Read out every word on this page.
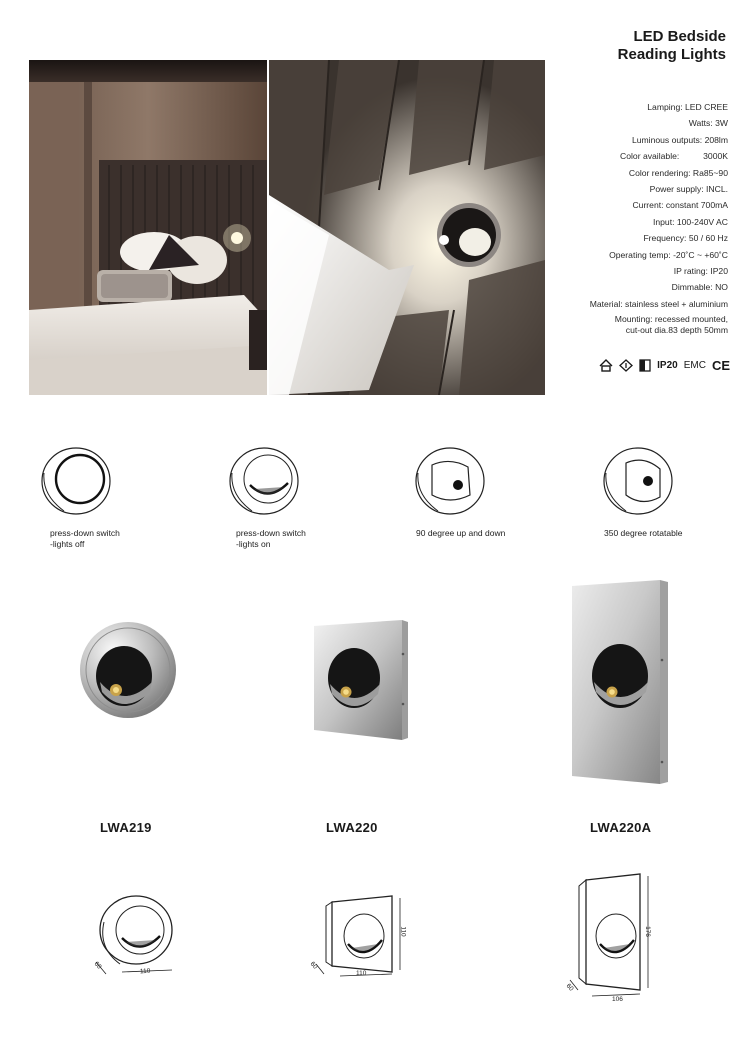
LED Bedside
Reading Lights
Lamping: LED CREE
Watts: 3W
Luminous outputs: 208lm
Color available:          3000K
Color rendering: Ra85~90
Power supply: INCL.
Current: constant 700mA
Input: 100-240V AC
Frequency: 50 / 60 Hz
Operating temp: -20˚C ~ +60˚C
IP rating: IP20
Dimmable: NO
Material: stainless steel + aluminium
Mounting: recessed mounted,
cut-out dia.83 depth 50mm
IP20 EMC CE
press-down switch
-lights off
press-down switch
-lights on
90 degree up and down	350 degree rotatable
LWA219	LWA220	LWA220A
110
60
110
110
60
106
176
60
